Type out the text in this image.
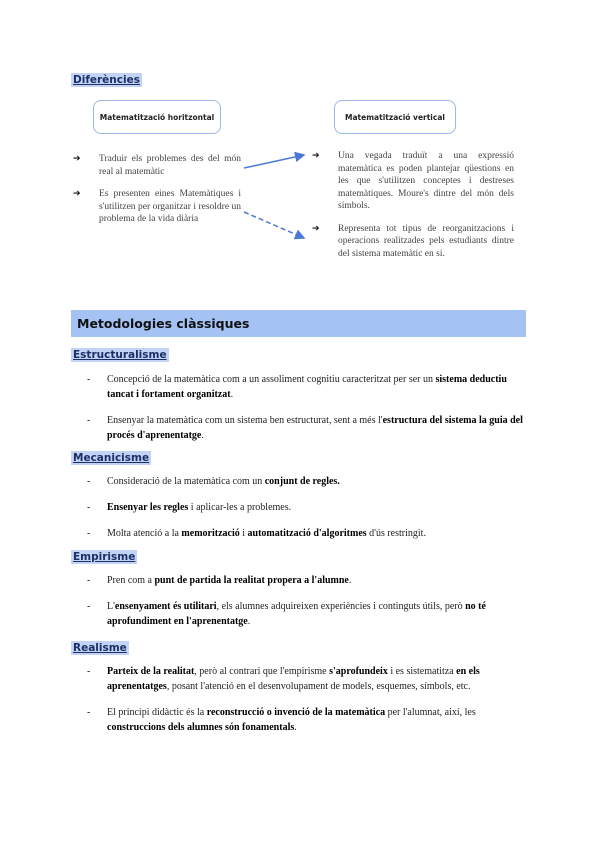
Diferències
Matematització horitzontal	Matematització vertical
➔ Traduir els problemes des del món real al matemàtic
➔ Es presenten eines Matemàtiques i s'utilitzen per organitzar i resoldre un problema de la vida diària
➔ Una vegada traduït a una expressió matemàtica es poden plantejar qüestions en les que s'utilitzen conceptes i destreses matemàtiques. Moure's dintre del món dels símbols.
➔ Representa tot tipus de reorganitzacions i operacions realitzades pels estudiants dintre del sistema matemàtic en si.
Metodologies clàssiques
Estructuralisme
- Concepció de la matemàtica com a un assoliment cognitiu caracteritzat per ser un sistema deductiu tancat i fortament organitzat.
- Ensenyar la matemàtica com un sistema ben estructurat, sent a més l'estructura del sistema la guia del procés d'aprenentatge.
Mecanicisme
- Consideració de la matemàtica com un conjunt de regles.
- Ensenyar les regles i aplicar-les a problemes.
- Molta atenció a la memorització i automatització d'algoritmes d'ús restringit.
Empirisme
- Pren com a punt de partida la realitat propera a l'alumne.
- L'ensenyament és utilitari, els alumnes adquireixen experiències i continguts útils, però no té aprofundiment en l'aprenentatge.
Realisme
- Parteix de la realitat, però al contrari que l'empirisme s'aprofundeix i es sistematitza en els aprenentatges, posant l'atenció en el desenvolupament de models, esquemes, símbols, etc.
- El principi didàctic és la reconstrucció o invenció de la matemàtica per l'alumnat, així, les construccions dels alumnes són fonamentals.
